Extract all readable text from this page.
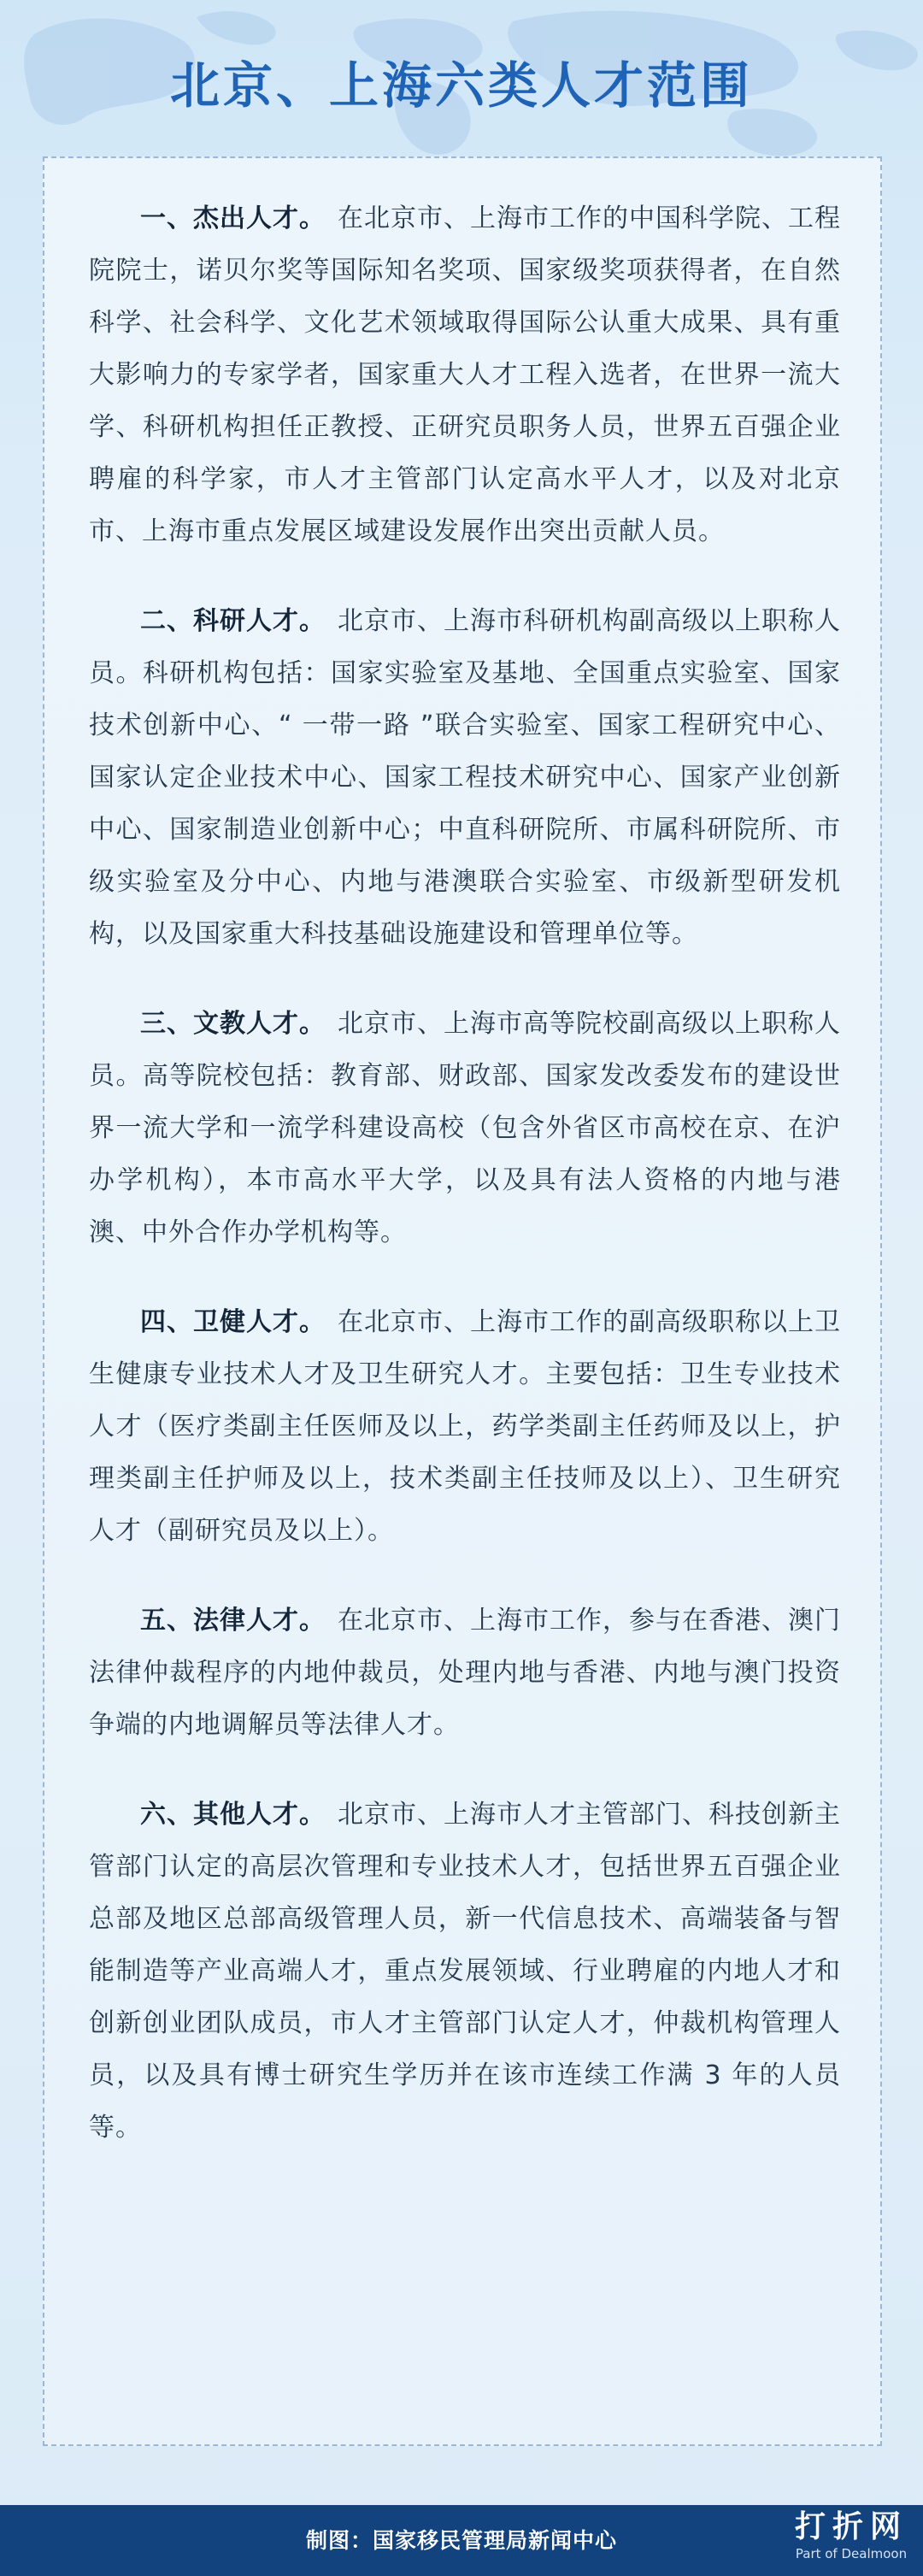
北京、上海六类人才范围

一、杰出人才。 在北京市、上海市工作的中国科学院、工程院院士，诺贝尔奖等国际知名奖项、国家级奖项获得者，在自然科学、社会科学、文化艺术领域取得国际公认重大成果、具有重大影响力的专家学者，国家重大人才工程入选者，在世界一流大学、科研机构担任正教授、正研究员职务人员，世界五百强企业聘雇的科学家，市人才主管部门认定高水平人才，以及对北京市、上海市重点发展区域建设发展作出突出贡献人员。

二、科研人才。 北京市、上海市科研机构副高级以上职称人员。科研机构包括：国家实验室及基地、全国重点实验室、国家技术创新中心、“ 一带一路 ”联合实验室、国家工程研究中心、国家认定企业技术中心、国家工程技术研究中心、国家产业创新中心、国家制造业创新中心；中直科研院所、市属科研院所、市级实验室及分中心、内地与港澳联合实验室、市级新型研发机构，以及国家重大科技基础设施建设和管理单位等。

三、文教人才。 北京市、上海市高等院校副高级以上职称人员。高等院校包括：教育部、财政部、国家发改委发布的建设世界一流大学和一流学科建设高校（包含外省区市高校在京、在沪办学机构），本市高水平大学，以及具有法人资格的内地与港澳、中外合作办学机构等。

四、卫健人才。 在北京市、上海市工作的副高级职称以上卫生健康专业技术人才及卫生研究人才。主要包括：卫生专业技术人才（医疗类副主任医师及以上，药学类副主任药师及以上，护理类副主任护师及以上，技术类副主任技师及以上）、卫生研究人才（副研究员及以上）。

五、法律人才。 在北京市、上海市工作，参与在香港、澳门法律仲裁程序的内地仲裁员，处理内地与香港、内地与澳门投资争端的内地调解员等法律人才。

六、其他人才。 北京市、上海市人才主管部门、科技创新主管部门认定的高层次管理和专业技术人才，包括世界五百强企业总部及地区总部高级管理人员，新一代信息技术、高端装备与智能制造等产业高端人才，重点发展领域、行业聘雇的内地人才和创新创业团队成员，市人才主管部门认定人才，仲裁机构管理人员，以及具有博士研究生学历并在该市连续工作满 3 年的人员等。

制图：国家移民管理局新闻中心	打折网
Part of Dealmoon
